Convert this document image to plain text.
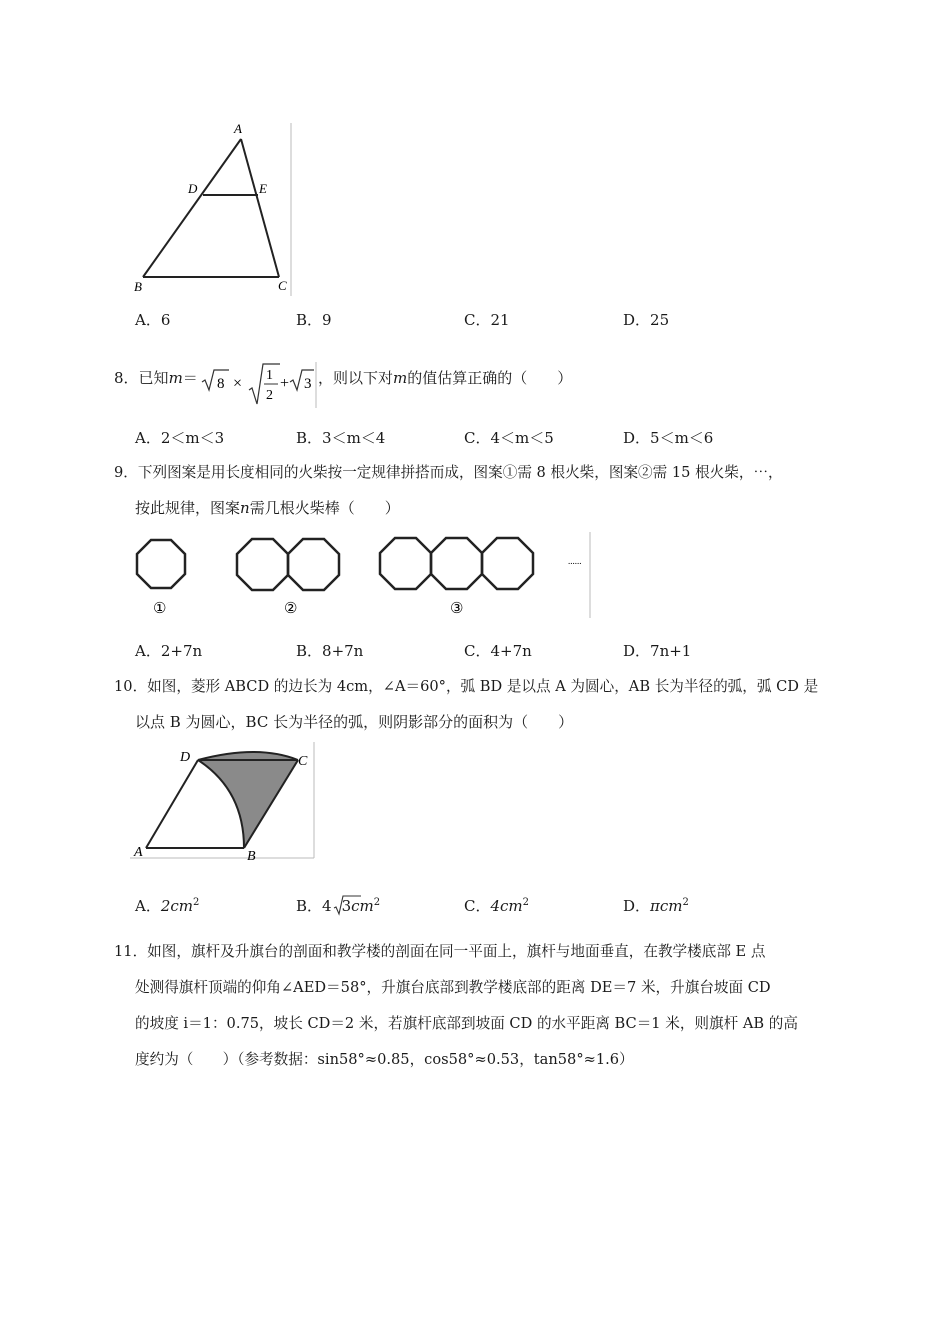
A
D	E
B	C
A．6	B．9	C．21	D．25
8．已知m＝ 8 × 1
2
+ 3 ，则以下对m的值估算正确的（　　）
A．2＜m＜3	B．3＜m＜4	C．4＜m＜5	D．5＜m＜6
9．下列图案是用长度相同的火柴按一定规律拼搭而成，图案①需 8 根火柴，图案②需 15 根火柴，⋯，
按此规律，图案n需几根火柴棒（　　）
①	②	③
......
A．2+7n	B．8+7n	C．4+7n	D．7n+1
10．如图，菱形 ABCD 的边长为 4cm，∠A＝60°，弧 BD 是以点 A 为圆心，AB 长为半径的弧，弧 CD 是
以点 B 为圆心，BC 长为半径的弧，则阴影部分的面积为（　　）
D	C
A	B
A．$2cm^2$	B．4 $3cm^2$	C．$4cm^2$	D．πcm$^2$
11．如图，旗杆及升旗台的剖面和教学楼的剖面在同一平面上，旗杆与地面垂直，在教学楼底部 E 点
处测得旗杆顶端的仰角∠AED＝58°，升旗台底部到教学楼底部的距离 DE＝7 米，升旗台坡面 CD
的坡度 i＝1：0.75，坡长 CD＝2 米，若旗杆底部到坡面 CD 的水平距离 BC＝1 米，则旗杆 AB 的高
度约为（　　）（参考数据：sin58°≈0.85，cos58°≈0.53，tan58°≈1.6）
